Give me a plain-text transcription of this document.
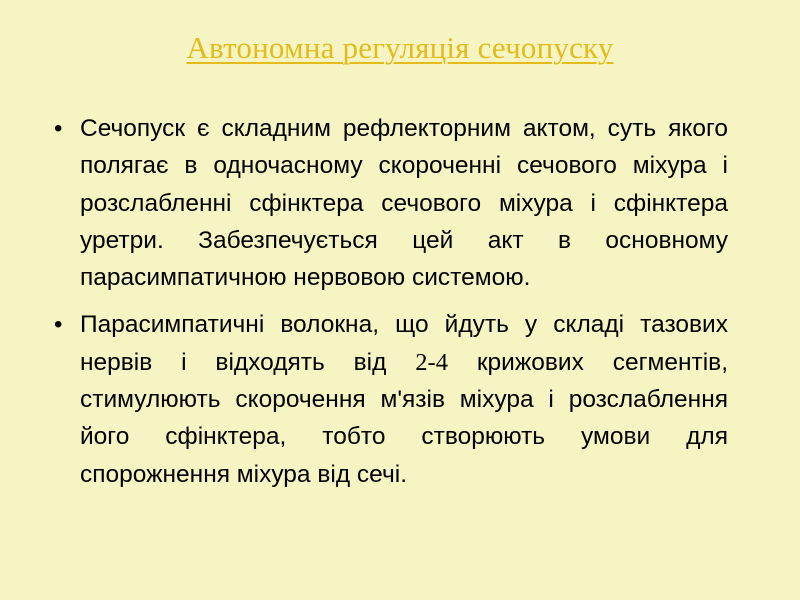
Автономна регуляція сечопуску
• Сечопуск є складним рефлекторним актом, суть якого полягає в одночасному скороченні сечового міхура і розслабленні сфінктера сечового міхура і сфінктера уретри. Забезпечується цей акт в основному парасимпатичною нервовою системою.
• Парасимпатичні волокна, що йдуть у складі тазових нервів і відходять від 2-4 крижових сегментів, стимулюють скорочення м'язів міхура і розслаблення його сфінктера, тобто створюють умови для спорожнення міхура від сечі.
